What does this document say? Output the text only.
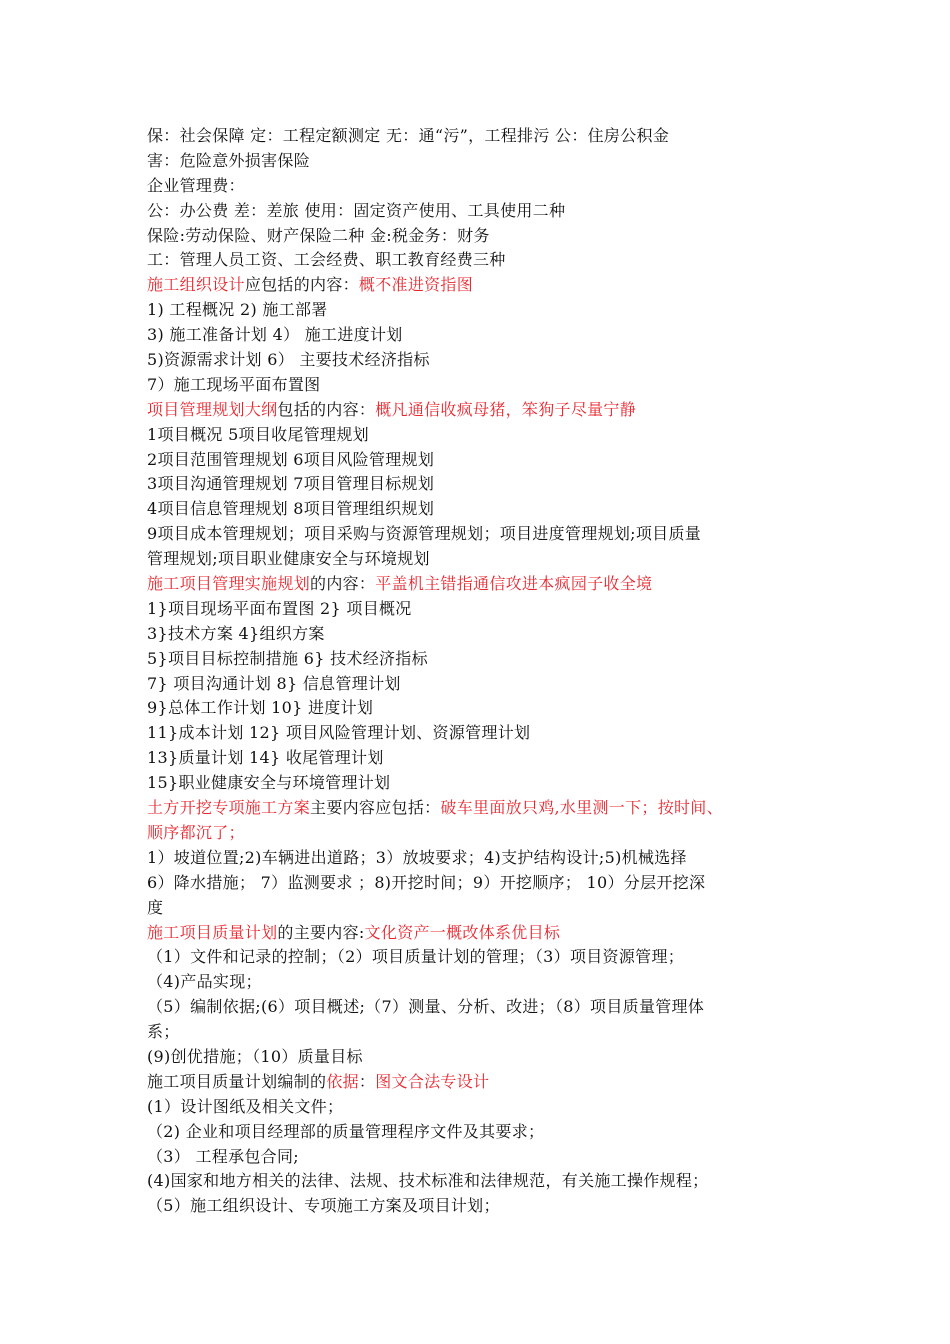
保：社会保障 定：工程定额测定 无：通“污”，工程排污 公：住房公积金
害：危险意外损害保险
企业管理费：
公：办公费 差：差旅 使用：固定资产使用、工具使用二种
保险:劳动保险、财产保险二种 金:税金务：财务
工：管理人员工资、工会经费、职工教育经费三种
施工组织设计应包括的内容：概不准进资指图
1) 工程概况 2) 施工部署
3) 施工准备计划 4） 施工进度计划
5)资源需求计划 6） 主要技术经济指标
7）施工现场平面布置图
项目管理规划大纲包括的内容：概凡通信收疯母猪，笨狗子尽量宁静
1项目概况 5项目收尾管理规划
2项目范围管理规划 6项目风险管理规划
3项目沟通管理规划 7项目管理目标规划
4项目信息管理规划 8项目管理组织规划
9项目成本管理规划；项目采购与资源管理规划；项目进度管理规划;项目质量
管理规划;项目职业健康安全与环境规划
施工项目管理实施规划的内容：平盖机主错指通信攻进本疯园子收全境
1}项目现场平面布置图 2} 项目概况
3}技术方案 4}组织方案
5}项目目标控制措施 6} 技术经济指标
7} 项目沟通计划 8} 信息管理计划
9}总体工作计划 10} 进度计划
11}成本计划 12} 项目风险管理计划、资源管理计划
13}质量计划 14} 收尾管理计划
15}职业健康安全与环境管理计划
土方开挖专项施工方案主要内容应包括：破车里面放只鸡,水里测一下；按时间、
顺序都沉了；
1）坡道位置;2)车辆进出道路；3）放坡要求；4)支护结构设计;5)机械选择
6）降水措施； 7）监测要求 ；8)开挖时间；9）开挖顺序； 10）分层开挖深
度
施工项目质量计划的主要内容:文化资产一概改体系优目标
（1）文件和记录的控制；（2）项目质量计划的管理；（3）项目资源管理；
（4)产品实现；
（5）编制依据;(6）项目概述;（7）测量、分析、改进；（8）项目质量管理体
系；
(9)创优措施；（10）质量目标
施工项目质量计划编制的依据：图文合法专设计
(1）设计图纸及相关文件；
（2) 企业和项目经理部的质量管理程序文件及其要求；
（3） 工程承包合同;
(4)国家和地方相关的法律、法规、技术标准和法律规范，有关施工操作规程；
（5）施工组织设计、专项施工方案及项目计划；
